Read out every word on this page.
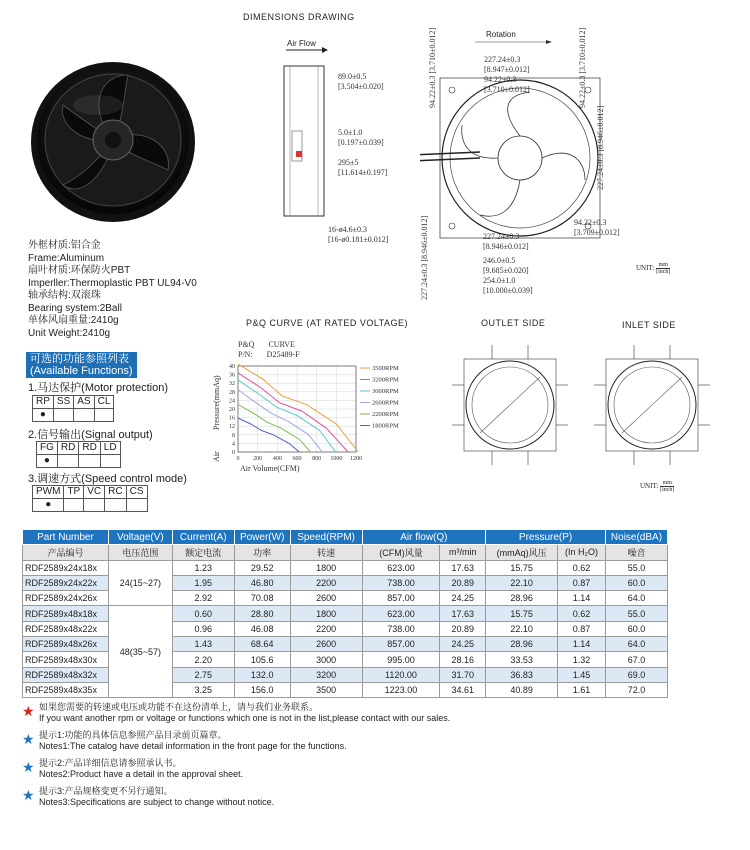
DIMENSIONS DRAWING
Air Flow
89.0±0.5
[3.504±0.020]
5.0±1.0
[0.197±0.039]
295±5
[11.614±0.197]
Rotation
227.24±0.3
[8.947±0.012]
94.22±0.3
[3.710±0.012]
94.22±0.3 [3.710±0.012]
94.22±0.3 [3.710±0.012]
227.24±0.3 [8.946±0.012]
94.22±0.3
[3.709±0.012]
16-ø4.6±0.3
[16-ø0.181±0.012]	227.24±0.3
[8.946±0.012]
246.0±0.5
[9.685±0.020]
254.0±1.0
[10.000±0.039]
227.24±0.3 [8.946±0.012]
UNIT: mm
[inch]
外框材质:铝合金
Frame:Aluminum
扇叶材质:环保防火PBT
Imperller:Thermoplastic PBT UL94-V0
轴承结构:双滚珠
Bearing system:2Ball
单体风扇重量:2410g
Unit Weight:2410g
可选的功能参照列表
(Available Functions)
1.马达保护(Motor protection)
RP	SS	AS	CL
●			
2.信号输出(Signal output)
FG	RD	RD	LD
●			
3.调速方式(Speed control mode)
PWM	TP	VC	RC	CS
●				
P&Q CURVE (AT RATED VOLTAGE)
P&Q CURVE
P/N: D25489-F
0
4
8
12
16
20
24
28
32
36
40
0 200 400 600 800 1000 1200
3500RPM
3200RPM
3000RPM
2600RPM
2200RPM
1800RPM
Pressure(mmAq)
Air
Air Volume(CFM)
OUTLET SIDE	INLET SIDE
UNIT: mm
[inch]
Part Number	Voltage(V)	Current(A)	Power(W)	Speed(RPM)	Air flow(Q)		Pressure(P)		Noise(dBA)
产品编号	电压范围	额定电流	功率	转速	(CFM)风量	m³/min	(mmAq)风压	(In H₂O)	噪音
RDF2589x24x18x	24(15~27)	1.23	29.52	1800	623.00	17.63	15.75	0.62	55.0
RDF2589x24x22x		1.95	46.80	2200	738.00	20.89	22.10	0.87	60.0
RDF2589x24x26x		2.92	70.08	2600	857.00	24.25	28.96	1.14	64.0
RDF2589x48x18x	48(35~57)	0.60	28.80	1800	623.00	17.63	15.75	0.62	55.0
RDF2589x48x22x		0.96	46.08	2200	738.00	20.89	22.10	0.87	60.0
RDF2589x48x26x		1.43	68.64	2600	857.00	24.25	28.96	1.14	64.0
RDF2589x48x30x		2.20	105.6	3000	995.00	28.16	33.53	1.32	67.0
RDF2589x48x32x		2.75	132.0	3200	1120.00	31.70	36.83	1.45	69.0
RDF2589x48x35x		3.25	156.0	3500	1223.00	34.61	40.89	1.61	72.0
★ 如果您需要的转速或电压或功能不在这份清单上，请与我们业务联系。
If you want another rpm or voltage or functions which one is not in the list,please contact with our sales.
★ 提示1:功能的具体信息参照产品目录前页篇章。
Notes1:The catalog have detail information in the front page for the functions.
★ 提示2:产品详细信息请参照承认书。
Notes2:Product have a detail in the approval sheet.
★ 提示3:产品规格变更不另行通知。
Notes3:Specifications are subject to change without notice.
